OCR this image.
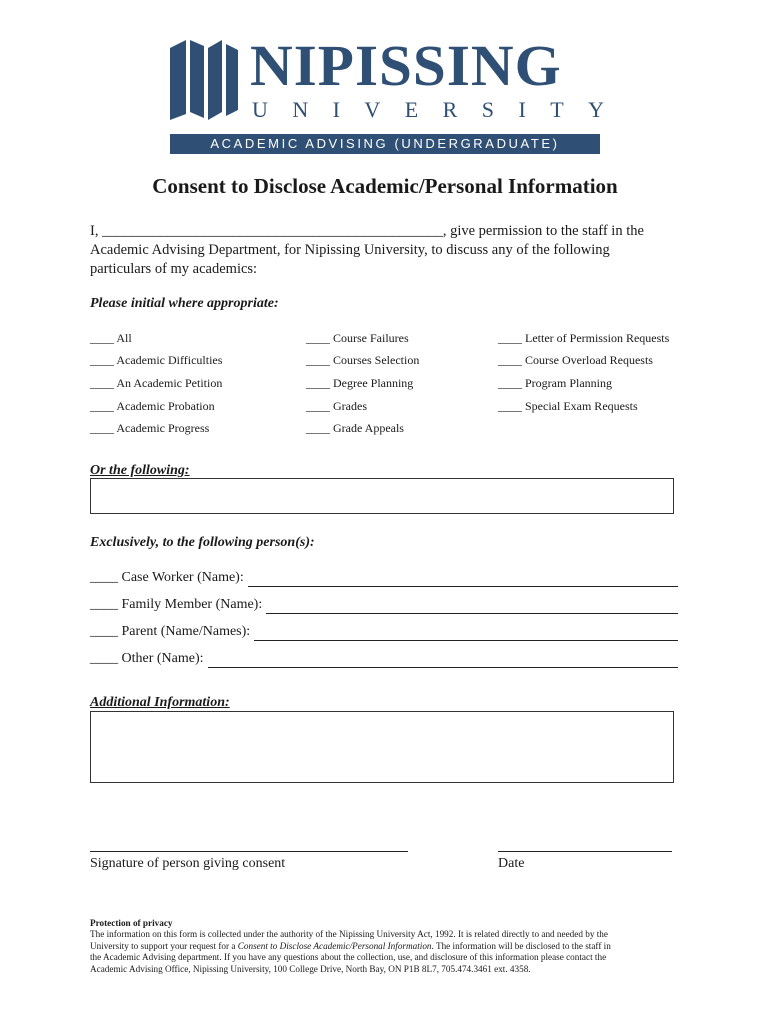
NIPISSING
U N I V E R S I T Y
ACADEMIC ADVISING (UNDERGRADUATE)
Consent to Disclose Academic/Personal Information
I, _______________________________________________, give permission to the staff in the
Academic Advising Department, for Nipissing University, to discuss any of the following
particulars of my academics:
Please initial where appropriate:
____ All
____ Academic Difficulties
____ An Academic Petition
____ Academic Probation
____ Academic Progress
____ Course Failures
____ Courses Selection
____ Degree Planning
____ Grades
____ Grade Appeals
____ Letter of Permission Requests
____ Course Overload Requests
____ Program Planning
____ Special Exam Requests
Or the following:
Exclusively, to the following person(s):
____ Case Worker (Name):
____ Family Member (Name):
____ Parent (Name/Names):
____ Other (Name):
Additional Information:
Signature of person giving consent	Date
Protection of privacy
The information on this form is collected under the authority of the Nipissing University Act, 1992. It is related directly to and needed by the
University to support your request for a Consent to Disclose Academic/Personal Information. The information will be disclosed to the staff in
the Academic Advising department. If you have any questions about the collection, use, and disclosure of this information please contact the
Academic Advising Office, Nipissing University, 100 College Drive, North Bay, ON P1B 8L7, 705.474.3461 ext. 4358.
